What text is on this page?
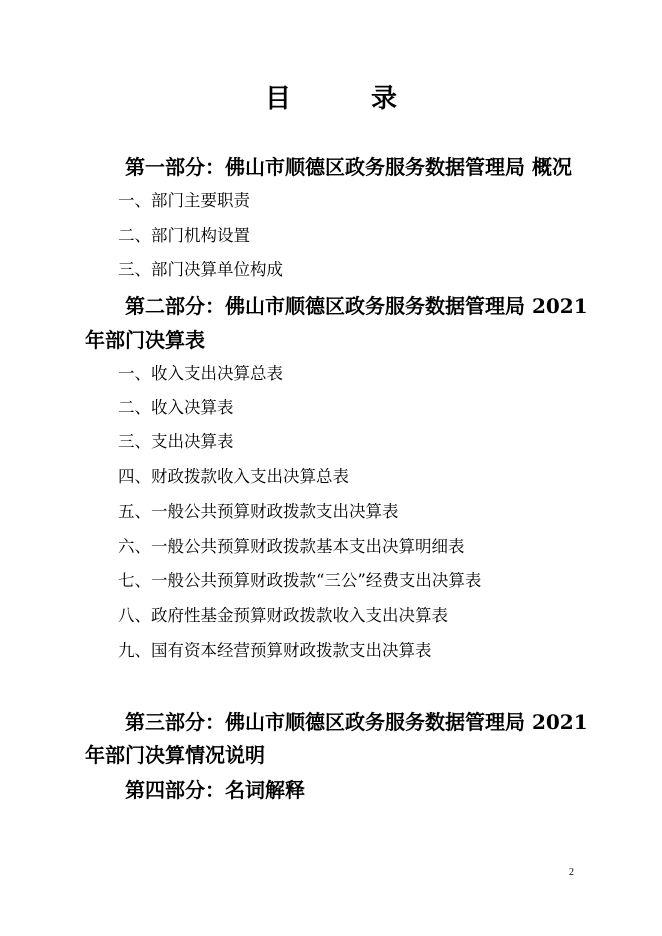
目	录
第一部分：佛山市顺德区政务服务数据管理局 概况
一、部门主要职责
二、部门机构设置
三、部门决算单位构成
第二部分：佛山市顺德区政务服务数据管理局 2021
年部门决算表
一、收入支出决算总表
二、收入决算表
三、支出决算表
四、财政拨款收入支出决算总表
五、一般公共预算财政拨款支出决算表
六、一般公共预算财政拨款基本支出决算明细表
七、一般公共预算财政拨款“三公”经费支出决算表
八、政府性基金预算财政拨款收入支出决算表
九、国有资本经营预算财政拨款支出决算表
第三部分：佛山市顺德区政务服务数据管理局 2021
年部门决算情况说明
第四部分：名词解释
2
